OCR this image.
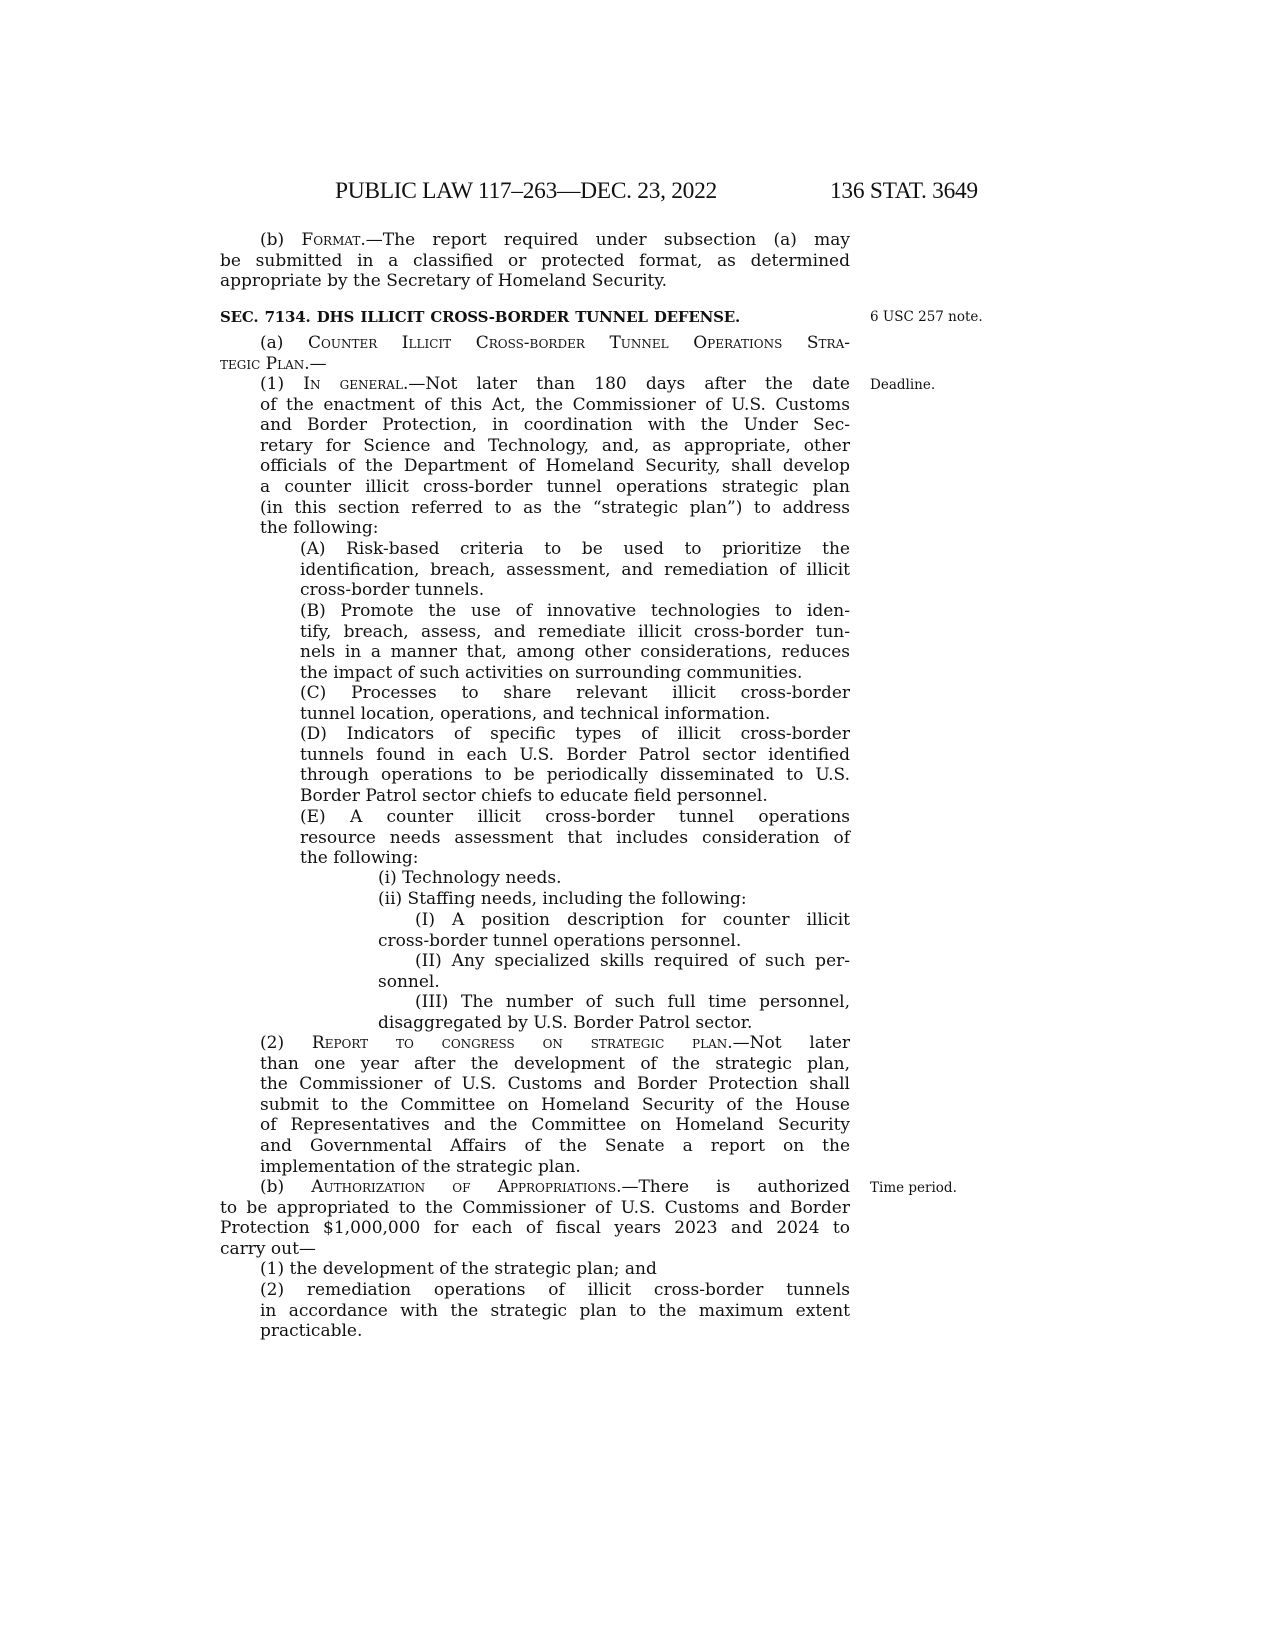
PUBLIC LAW 117–263—DEC. 23, 2022	136 STAT. 3649
6 USC 257 note.
Deadline.
Time period.
(b) Format.—The report required under subsection (a) may
be submitted in a classified or protected format, as determined
appropriate by the Secretary of Homeland Security.
SEC. 7134. DHS ILLICIT CROSS-BORDER TUNNEL DEFENSE.
(a) Counter Illicit Cross-border Tunnel Operations Stra-
tegic Plan.—
(1) In general.—Not later than 180 days after the date
of the enactment of this Act, the Commissioner of U.S. Customs
and Border Protection, in coordination with the Under Sec-
retary for Science and Technology, and, as appropriate, other
officials of the Department of Homeland Security, shall develop
a counter illicit cross-border tunnel operations strategic plan
(in this section referred to as the “strategic plan”) to address
the following:
(A) Risk-based criteria to be used to prioritize the
identification, breach, assessment, and remediation of illicit
cross-border tunnels.
(B) Promote the use of innovative technologies to iden-
tify, breach, assess, and remediate illicit cross-border tun-
nels in a manner that, among other considerations, reduces
the impact of such activities on surrounding communities.
(C) Processes to share relevant illicit cross-border
tunnel location, operations, and technical information.
(D) Indicators of specific types of illicit cross-border
tunnels found in each U.S. Border Patrol sector identified
through operations to be periodically disseminated to U.S.
Border Patrol sector chiefs to educate field personnel.
(E) A counter illicit cross-border tunnel operations
resource needs assessment that includes consideration of
the following:
(i) Technology needs.
(ii) Staffing needs, including the following:
(I) A position description for counter illicit
cross-border tunnel operations personnel.
(II) Any specialized skills required of such per-
sonnel.
(III) The number of such full time personnel,
disaggregated by U.S. Border Patrol sector.
(2) Report to congress on strategic plan.—Not later
than one year after the development of the strategic plan,
the Commissioner of U.S. Customs and Border Protection shall
submit to the Committee on Homeland Security of the House
of Representatives and the Committee on Homeland Security
and Governmental Affairs of the Senate a report on the
implementation of the strategic plan.
(b) Authorization of Appropriations.—There is authorized
to be appropriated to the Commissioner of U.S. Customs and Border
Protection $1,000,000 for each of fiscal years 2023 and 2024 to
carry out—
(1) the development of the strategic plan; and
(2) remediation operations of illicit cross-border tunnels
in accordance with the strategic plan to the maximum extent
practicable.
